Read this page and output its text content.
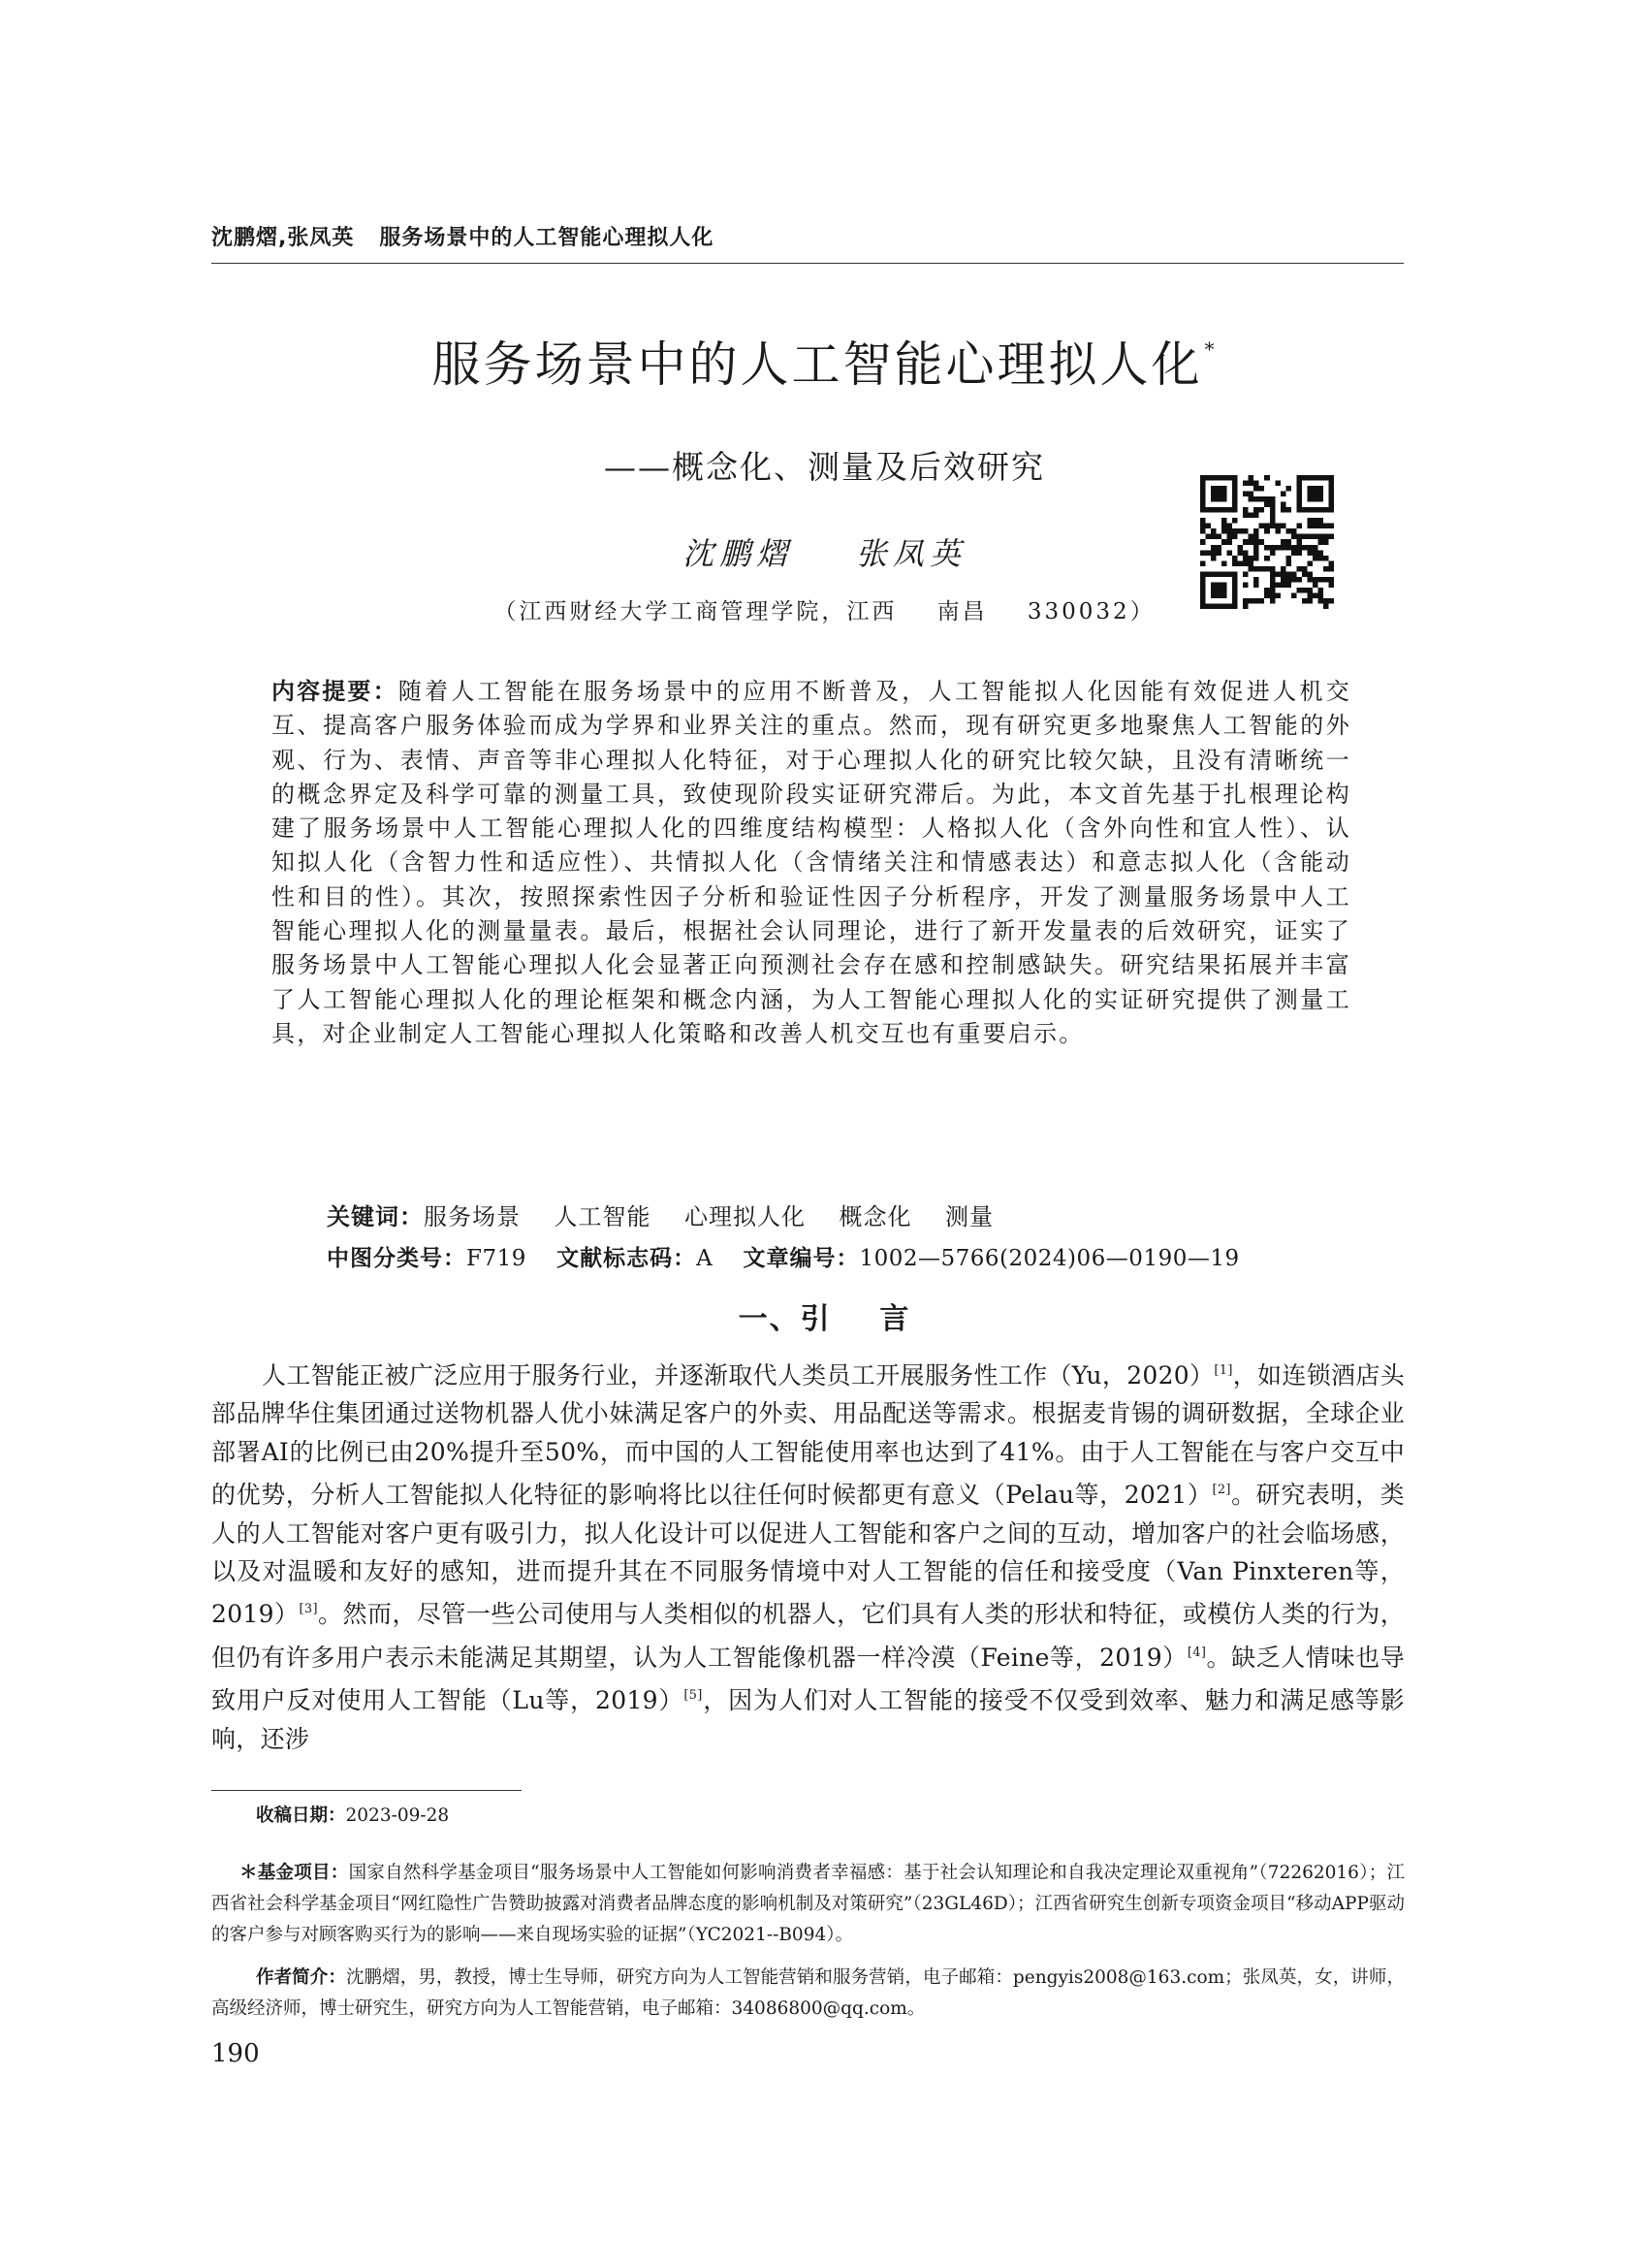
沈鹏熠,张凤英 服务场景中的人工智能心理拟人化
服务场景中的人工智能心理拟人化 *
——概念化、测量及后效研究
沈鹏熠    张凤英
（江西财经大学工商管理学院，江西    南昌    330032）
内容提要：随着人工智能在服务场景中的应用不断普及，人工智能拟人化因能有效促进人机交互、提高客户服务体验而成为学界和业界关注的重点。然而，现有研究更多地聚焦人工智能的外观、行为、表情、声音等非心理拟人化特征，对于心理拟人化的研究比较欠缺，且没有清晰统一的概念界定及科学可靠的测量工具，致使现阶段实证研究滞后。为此，本文首先基于扎根理论构建了服务场景中人工智能心理拟人化的四维度结构模型：人格拟人化（含外向性和宜人性）、认知拟人化（含智力性和适应性）、共情拟人化（含情绪关注和情感表达）和意志拟人化（含能动性和目的性）。其次，按照探索性因子分析和验证性因子分析程序，开发了测量服务场景中人工智能心理拟人化的测量量表。最后，根据社会认同理论，进行了新开发量表的后效研究，证实了服务场景中人工智能心理拟人化会显著正向预测社会存在感和控制感缺失。研究结果拓展并丰富了人工智能心理拟人化的理论框架和概念内涵，为人工智能心理拟人化的实证研究提供了测量工具，对企业制定人工智能心理拟人化策略和改善人机交互也有重要启示。
关键词：服务场景    人工智能    心理拟人化    概念化    测量
中图分类号：F719 文献标志码：A 文章编号：1002—5766(2024)06—0190—19
一、引    言
人工智能正被广泛应用于服务行业，并逐渐取代人类员工开展服务性工作（Yu，2020）[1]，如连锁酒店头部品牌华住集团通过送物机器人优小妹满足客户的外卖、用品配送等需求。根据麦肯锡的调研数据，全球企业部署AI的比例已由20%提升至50%，而中国的人工智能使用率也达到了41%。由于人工智能在与客户交互中的优势，分析人工智能拟人化特征的影响将比以往任何时候都更有意义（Pelau等，2021）[2]。研究表明，类人的人工智能对客户更有吸引力，拟人化设计可以促进人工智能和客户之间的互动，增加客户的社会临场感，以及对温暖和友好的感知，进而提升其在不同服务情境中对人工智能的信任和接受度（Van Pinxteren等，2019）[3]。然而，尽管一些公司使用与人类相似的机器人，它们具有人类的形状和特征，或模仿人类的行为，但仍有许多用户表示未能满足其期望，认为人工智能像机器一样冷漠（Feine等，2019）[4]。缺乏人情味也导致用户反对使用人工智能（Lu等，2019）[5]，因为人们对人工智能的接受不仅受到效率、魅力和满足感等影响，还涉
收稿日期：2023-09-28
＊基金项目：国家自然科学基金项目“服务场景中人工智能如何影响消费者幸福感：基于社会认知理论和自我决定理论双重视角”（72262016）；江西省社会科学基金项目“网红隐性广告赞助披露对消费者品牌态度的影响机制及对策研究”（23GL46D）；江西省研究生创新专项资金项目“移动APP驱动的客户参与对顾客购买行为的影响——来自现场实验的证据”（YC2021--B094）。
作者简介：沈鹏熠，男，教授，博士生导师，研究方向为人工智能营销和服务营销，电子邮箱：pengyis2008@163.com；张凤英，女，讲师，高级经济师，博士研究生，研究方向为人工智能营销，电子邮箱：34086800@qq.com。
190
